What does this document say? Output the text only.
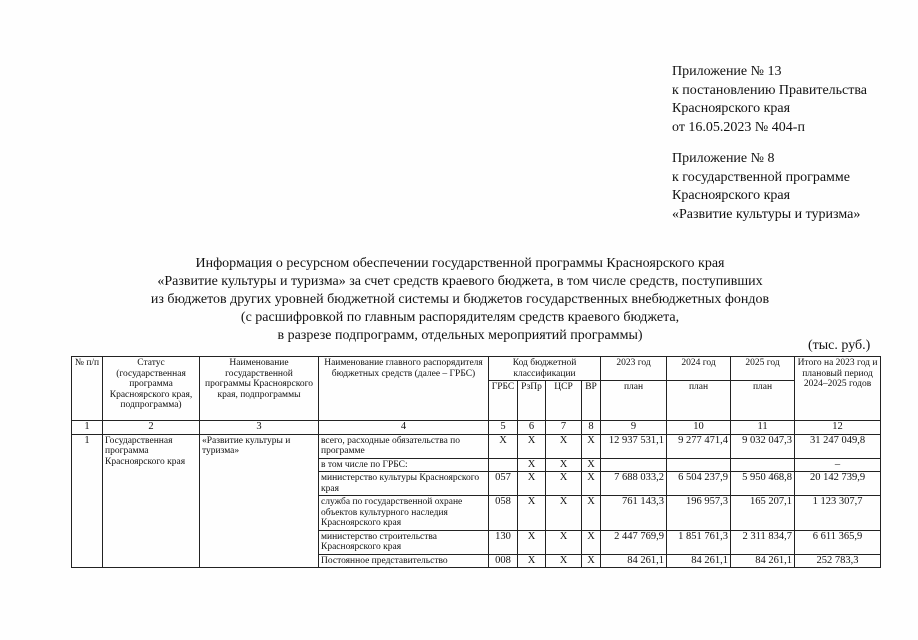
Приложение № 13
к постановлению Правительства
Красноярского края
от 16.05.2023 № 404-п
Приложение № 8
к государственной программе
Красноярского края
«Развитие культуры и туризма»
Информация о ресурсном обеспечении государственной программы Красноярского края
«Развитие культуры и туризма» за счет средств краевого бюджета, в том числе средств, поступивших
из бюджетов других уровней бюджетной системы и бюджетов государственных внебюджетных фондов
(с расшифровкой по главным распорядителям средств краевого бюджета,
в разрезе подпрограмм, отдельных мероприятий программы)
(тыс. руб.)
№ п/п	Статус (государственная программа Красноярского края, подпрограмма)	Наименование государственной программы Красноярского края, подпрограммы	Наименование главного распорядителя бюджетных средств (далее – ГРБС)	Код бюджетной классификации				2023 год	2024 год	2025 год	Итого на 2023 год и плановый период 2024–2025 годов
				ГРБС	РзПр	ЦСР	ВР	план	план	план	
1	2	3	4	5	6	7	8	9	10	11	12
1	Государственная программа Красноярского края	«Развитие культуры и туризма»	всего, расходные обязательства по программе	Х	Х	Х	Х	12 937 531,1	9 277 471,4	9 032 047,3	31 247 049,8
			в том числе по ГРБС:		Х	Х	Х				–
			министерство культуры Красноярского края	057	Х	Х	Х	7 688 033,2	6 504 237,9	5 950 468,8	20 142 739,9
			служба по государственной охране объектов культурного наследия Красноярского края	058	Х	Х	Х	761 143,3	196 957,3	165 207,1	1 123 307,7
			министерство строительства Красноярского края	130	Х	Х	Х	2 447 769,9	1 851 761,3	2 311 834,7	6 611 365,9
			Постоянное представительство	008	Х	Х	Х	84 261,1	84 261,1	84 261,1	252 783,3
